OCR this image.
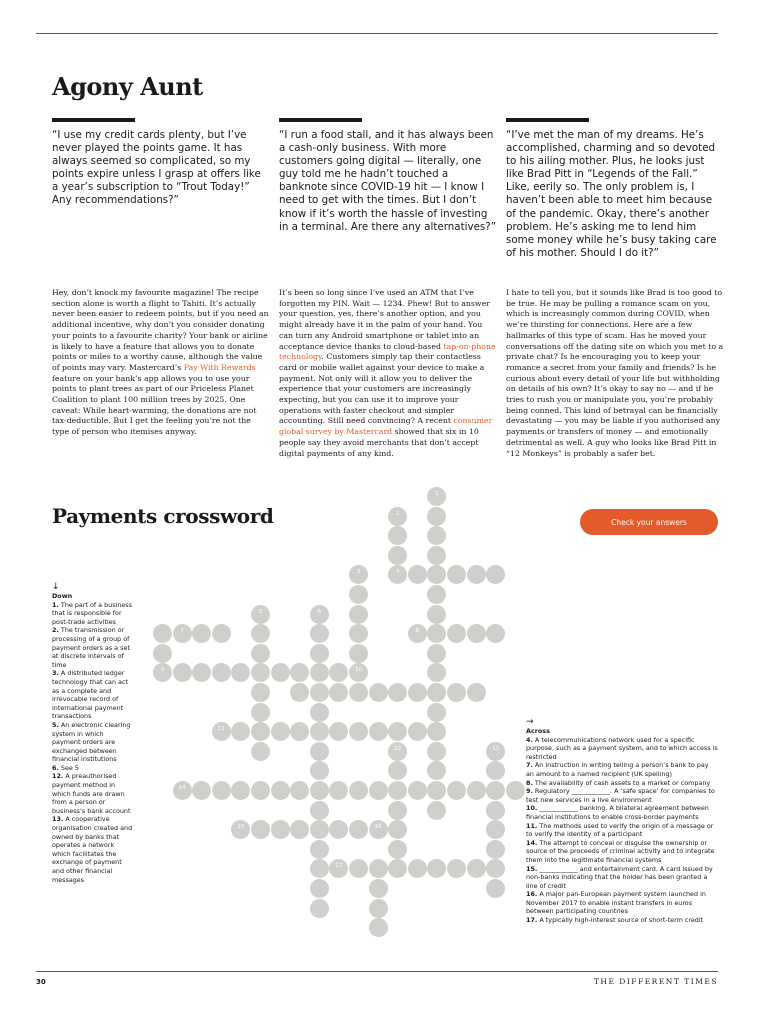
Agony Aunt

“I use my credit cards plenty, but I’ve never played the points game. It has always seemed so complicated, so my points expire unless I grasp at offers like a year’s subscription to “Trout Today!” Any recommendations?”

“I run a food stall, and it has always been a cash-only business. With more customers going digital — literally, one guy told me he hadn’t touched a banknote since COVID-19 hit — I know I need to get with the times. But I don’t know if it’s worth the hassle of investing in a terminal. Are there any alternatives?”

“I’ve met the man of my dreams. He’s accomplished, charming and so devoted to his ailing mother. Plus, he looks just like Brad Pitt in “Legends of the Fall.” Like, eerily so. The only problem is, I haven’t been able to meet him because of the pandemic. Okay, there’s another problem. He’s asking me to lend him some money while he’s busy taking care of his mother. Should I do it?”

Hey, don’t knock my favourite magazine! The recipe section alone is worth a flight to Tahiti. It’s actually never been easier to redeem points, but if you need an additional incentive, why don’t you consider donating your points to a favourite charity? Your bank or airline is likely to have a feature that allows you to donate points or miles to a worthy cause, although the value of points may vary. Mastercard’s Pay With Rewards feature on your bank’s app allows you to use your points to plant trees as part of our Priceless Planet Coalition to plant 100 million trees by 2025. One caveat: While heart-warming, the donations are not tax-deductible. But I get the feeling you’re not the type of person who itemises anyway.

It’s been so long since I’ve used an ATM that I’ve forgotten my PIN. Wait — 1234. Phew! But to answer your question, yes, there’s another option, and you might already have it in the palm of your hand. You can turn any Android smartphone or tablet into an acceptance device thanks to cloud-based tap-on-phone technology. Customers simply tap their contactless card or mobile wallet against your device to make a payment. Not only will it allow you to deliver the experience that your customers are increasingly expecting, but you can use it to improve your operations with faster checkout and simpler accounting. Still need convincing? A recent consumer global survey by Mastercard showed that six in 10 people say they avoid merchants that don’t accept digital payments of any kind.

I hate to tell you, but it sounds like Brad is too good to be true. He may be pulling a romance scam on you, which is increasingly common during COVID, when we’re thirsting for connections. Here are a few hallmarks of this type of scam. Has he moved your conversations off the dating site on which you met to a private chat? Is he encouraging you to keep your romance a secret from your family and friends? Is he curious about every detail of your life but withholding on details of his own? It’s okay to say no — and if he tries to rush you or manipulate you, you’re probably being conned. This kind of betrayal can be financially devastating — you may be liable if you authorised any payments or transfers of money — and emotionally detrimental as well. A guy who looks like Brad Pitt in “12 Monkeys” is probably a safer bet.

Payments crossword	Check your answers
1
2
3
10
5	6
12	13
4
7	8
9
11
14
15	16
17
↓
Down
1. The part of a business that is responsible for post-trade activities
2. The transmission or processing of a group of payment orders as a set at discrete intervals of time
3. A distributed ledger technology that can act as a complete and irrevocable record of international payment transactions
5. An electronic clearing system in which payment orders are exchanged between financial institutions
6. See 5
12. A preauthorised payment method in which funds are drawn from a person or business’s bank account
13. A cooperative organisation created and owned by banks that operates a network which facilitates the exchange of payment and other financial messages
→
Across
4. A telecommunications network used for a specific purpose, such as a payment system, and to which access is restricted
7. An instruction in writing telling a person’s bank to pay an amount to a named recipient (UK spelling)
8. The availability of cash assets to a market or company
9. Regulatory ____________. A ‘safe space’ for companies to test new services in a live environment
10. ____________ banking. A bilateral agreement between financial institutions to enable cross-border payments
11. The methods used to verify the origin of a message or to verify the identity of a participant
14. The attempt to conceal or disguise the ownership or source of the proceeds of criminal activity and to integrate them into the legitimate financial systems
15. ____________ and entertainment card. A card issued by non-banks indicating that the holder has been granted a line of credit
16. A major pan-European payment system launched in November 2017 to enable instant transfers in euros between participating countries
17. A typically high-interest source of short-term credit
30	THE DIFFERENT TIMES
